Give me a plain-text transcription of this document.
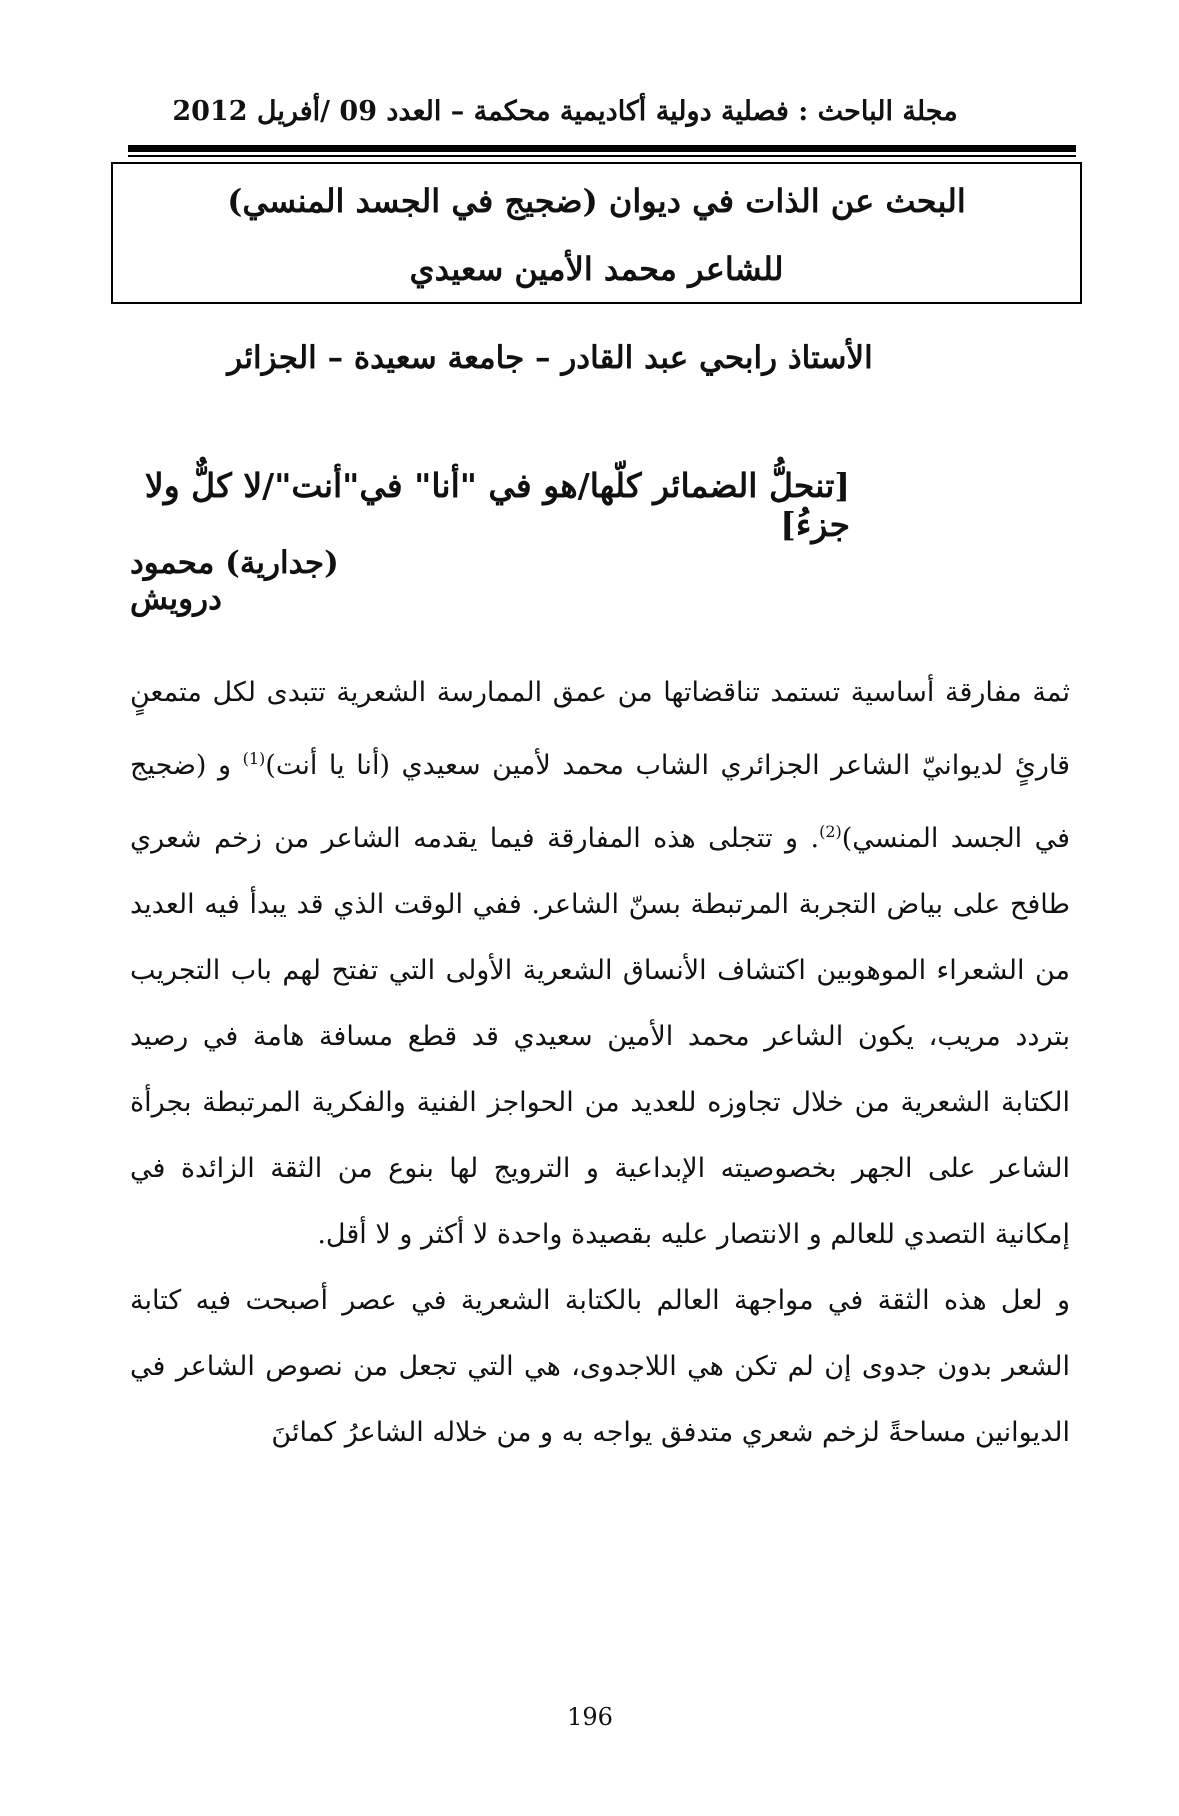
مجلة الباحث : فصلية دولية أكاديمية محكمة – العدد 09 /أفريل 2012
البحث عن الذات في ديوان (ضجيج في الجسد المنسي)
للشاعر محمد الأمين سعيدي
الأستاذ رابحي عبد القادر – جامعة سعيدة – الجزائر
[تنحلُّ الضمائر كلّها/هو في "أنا" في"أنت"/لا كلٌّ ولا جزءُ]
(جدارية) محمود درويش

ثمة مفارقة أساسية تستمد تناقضاتها من عمق الممارسة الشعرية تتبدى لكل متمعنٍ قارئٍ لديوانيّ الشاعر الجزائري الشاب محمد لأمين سعيدي (أنا يا أنت)$^{(1)}$ و (ضجيج في الجسد المنسي)$^{(2)}$. و تتجلى هذه المفارقة فيما يقدمه الشاعر من زخم شعري طافح على بياض التجربة المرتبطة بسنّ الشاعر. ففي الوقت الذي قد يبدأ فيه العديد من الشعراء الموهوبين اكتشاف الأنساق الشعرية الأولى التي تفتح لهم باب التجريب بتردد مريب، يكون الشاعر محمد الأمين سعيدي قد قطع مسافة هامة في رصيد الكتابة الشعرية من خلال تجاوزه للعديد من الحواجز الفنية والفكرية المرتبطة بجرأة الشاعر على الجهر بخصوصيته الإبداعية و الترويج لها بنوع من الثقة الزائدة في إمكانية التصدي للعالم و الانتصار عليه بقصيدة واحدة لا أكثر و لا أقل.

و لعل هذه الثقة في مواجهة العالم بالكتابة الشعرية في عصر أصبحت فيه كتابة الشعر بدون جدوى إن لم تكن هي اللاجدوى، هي التي تجعل من نصوص الشاعر في الديوانين مساحةً لزخم شعري متدفق يواجه به و من خلاله الشاعرُ كمائنَ

196
